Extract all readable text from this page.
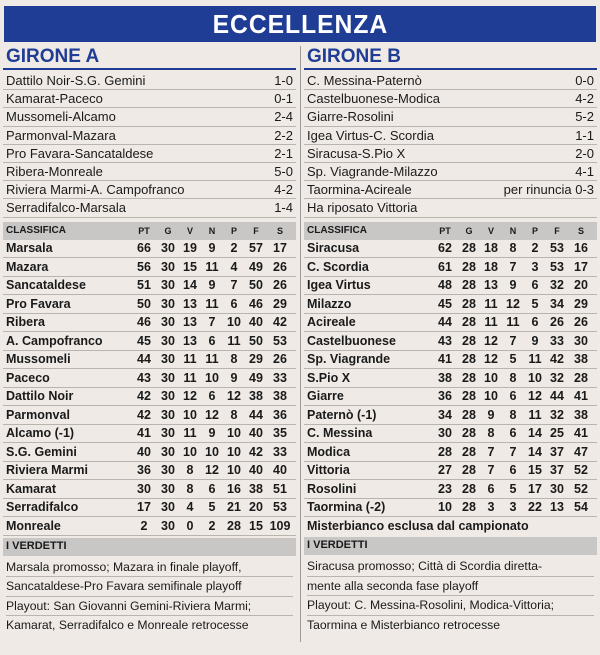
ECCELLENZA
GIRONE A
Dattilo Noir-S.G. Gemini	1-0
Kamarat-Paceco	0-1
Mussomeli-Alcamo	2-4
Parmonval-Mazara	2-2
Pro Favara-Sancataldese	2-1
Ribera-Monreale	5-0
Riviera Marmi-A. Campofranco	4-2
Serradifalco-Marsala	1-4
CLASSIFICA	PT	G	V	N	P	F	S
Marsala	66 30 19 9	2 57 17
Mazara	56 30 15 11 4 49 26
Sancataldese	51 30 14 9	7 50 26
Pro Favara	50 30 13 11 6 46 29
Ribera	46 30 13 7 10 40 42
A. Campofranco	45 30 13 6 11 50 53
Mussomeli	44 30 11 11 8 29 26
Paceco	43 30 11 10 9 49 33
Dattilo Noir	42 30 12 6 12 38 38
Parmonval	42 30 10 12 8 44 36
Alcamo (-1)	41 30 11 9 10 40 35
S.G. Gemini	40 30 10 10 10 42 33
Riviera Marmi	36 30 8 12 10 40 40
Kamarat	30 30 8	6 16 38 51
Serradifalco	17 30 4	5 21 20 53
Monreale	2	30 0	2 28 15 109
I VERDETTI

Marsala promosso; Mazara in finale playoff,

Sancataldese-Pro Favara semifinale playoff

Playout: San Giovanni Gemini-Riviera Marmi;

Kamarat, Serradifalco e Monreale retrocesse

GIRONE B
C. Messina-Paternò	0-0
Castelbuonese-Modica	4-2
Giarre-Rosolini	5-2
Igea Virtus-C. Scordia	1-1
Siracusa-S.Pio X	2-0
Sp. Viagrande-Milazzo	4-1
Taormina-Acireale	per rinuncia 0-3
Ha riposato Vittoria
CLASSIFICA	PT	G	V	N	P	F	S
Siracusa	62 28 18 8	2 53 16
C. Scordia	61 28 18 7	3 53 17
Igea Virtus	48 28 13 9	6 32 20
Milazzo	45 28 11 12 5 34 29
Acireale	44 28 11 11 6 26 26
Castelbuonese	43 28 12 7	9 33 30
Sp. Viagrande	41 28 12 5 11 42 38
S.Pio X	38 28 10 8 10 32 28
Giarre	36 28 10 6 12 44 41
Paternò (-1)	34 28 9	8 11 32 38
C. Messina	30 28 8	6 14 25 41
Modica	28 28 7	7 14 37 47
Vittoria	27 28 7	6 15 37 52
Rosolini	23 28 6	5 17 30 52
Taormina (-2)	10 28 3	3 22 13 54
Misterbianco esclusa dal campionato
I VERDETTI

Siracusa promosso; Città di Scordia diretta-

mente alla seconda fase playoff

Playout: C. Messina-Rosolini, Modica-Vittoria;

Taormina e Misterbianco retrocesse
